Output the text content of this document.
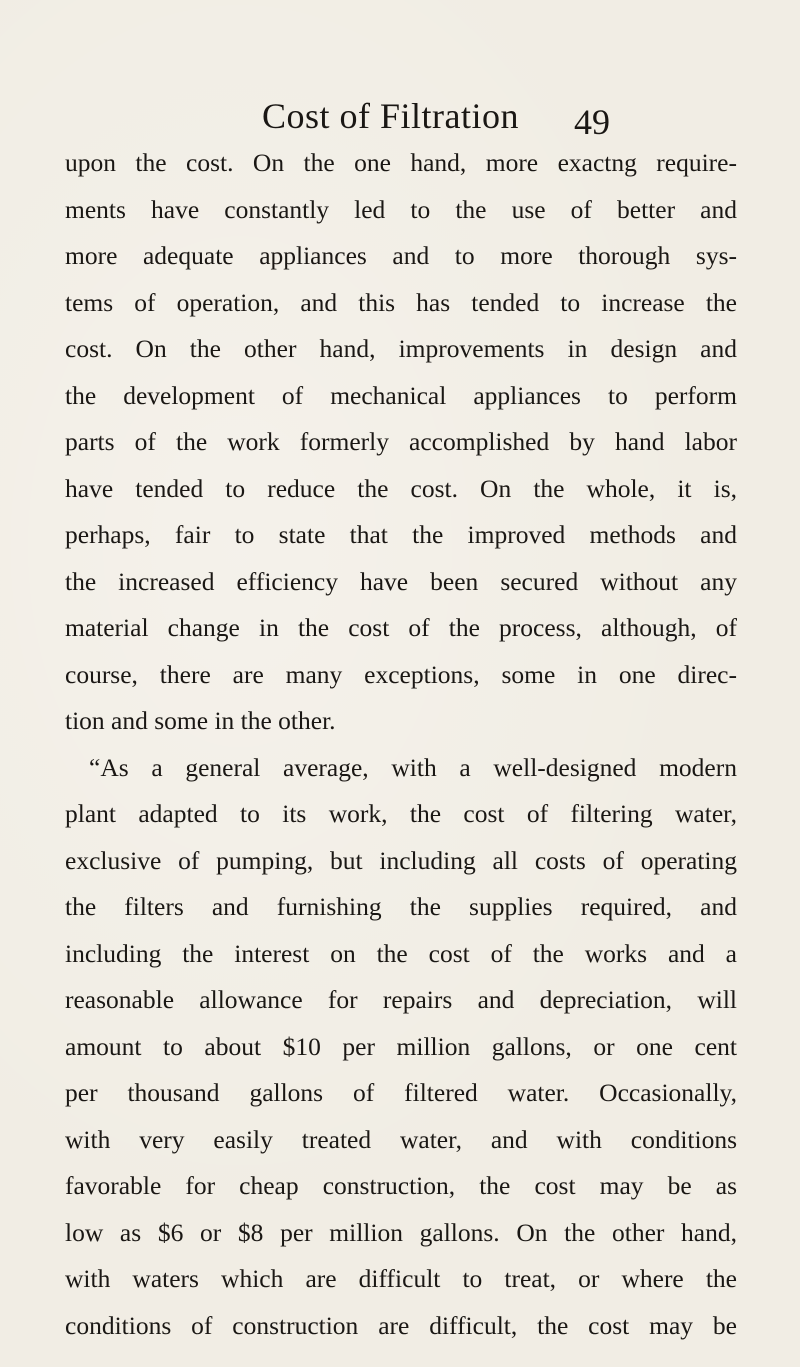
Cost of Filtration 49
upon the cost. On the one hand, more exactng require-
ments have constantly led to the use of better and
more adequate appliances and to more thorough sys-
tems of operation, and this has tended to increase the
cost. On the other hand, improvements in design and
the development of mechanical appliances to perform
parts of the work formerly accomplished by hand labor
have tended to reduce the cost. On the whole, it is,
perhaps, fair to state that the improved methods and
the increased efficiency have been secured without any
material change in the cost of the process, although, of
course, there are many exceptions, some in one direc-
tion and some in the other.
“As a general average, with a well-designed modern
plant adapted to its work, the cost of filtering water,
exclusive of pumping, but including all costs of operating
the filters and furnishing the supplies required, and
including the interest on the cost of the works and a
reasonable allowance for repairs and depreciation, will
amount to about $10 per million gallons, or one cent
per thousand gallons of filtered water. Occasionally,
with very easily treated water, and with conditions
favorable for cheap construction, the cost may be as
low as $6 or $8 per million gallons. On the other hand,
with waters which are difficult to treat, or where the
conditions of construction are difficult, the cost may be
